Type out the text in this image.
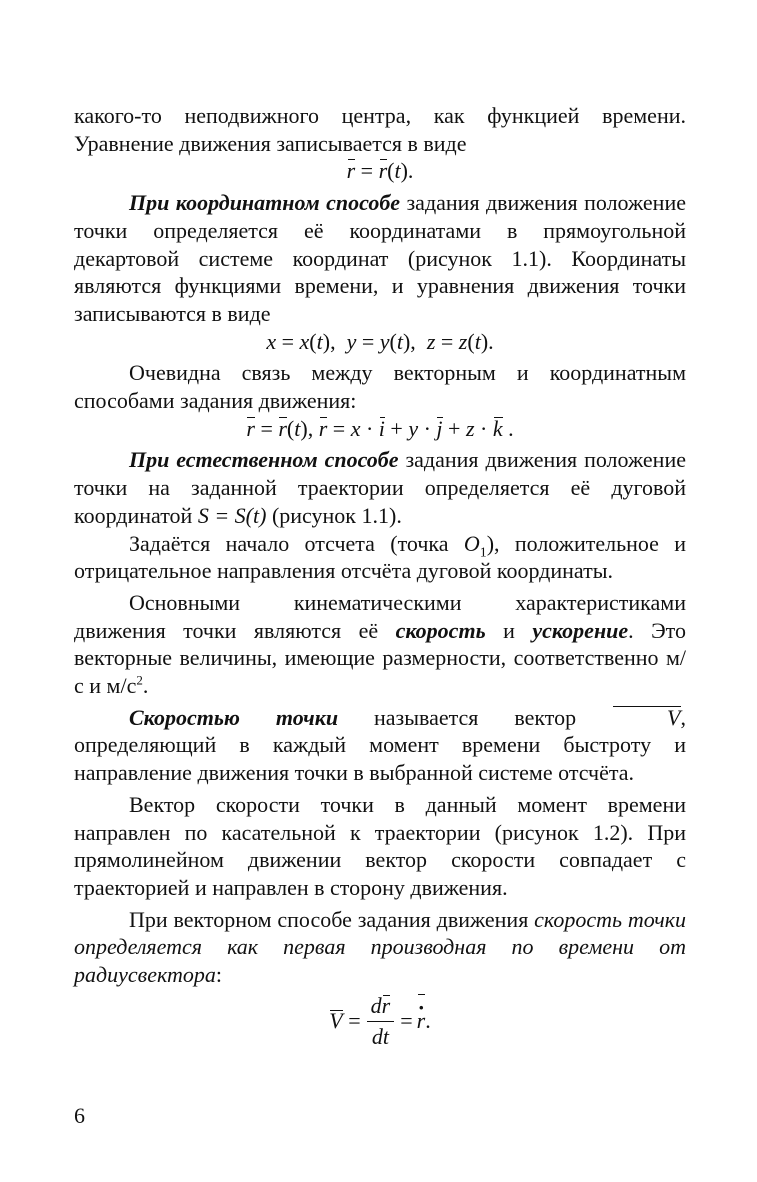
какого-то неподвижного центра, как функцией времени. Уравнение движения записывается в виде

r = r(t).

При координатном способе задания движения положение точки определяется её координатами в прямоугольной декартовой системе координат (рисунок 1.1). Координаты являются функциями времени, и уравнения движения точки записываются в виде

x = x(t),  y = y(t),  z = z(t).

Очевидна связь между векторным и координатным способами задания движения:

r = r(t), r = x · i + y · j + z · k .

При естественном способе задания движения положение точки на заданной траектории определяется её дуговой координатой S = S(t) (рисунок 1.1).

Задаётся начало отсчета (точка $O_1$), положительное и отрицательное направления отсчёта дуговой координаты.

Основными кинематическими характеристиками движения точки являются её скорость и ускорение. Это векторные величины, имеющие размерности, соответственно м/с и $м/с^2$.

Скоростью точки называется вектор	V, определяющий в каждый момент времени быстроту и направление движения точки в выбранной системе отсчёта.

Вектор скорости точки в данный момент времени направлен по касательной к траектории (рисунок 1.2). При прямолинейном движении вектор скорости совпадает с траекторией и направлен в сторону движения.

При векторном способе задания движения скорость точки определяется как первая производная по времени от радиусвектора:

$V = \frac{dr}{dt}$ =
· r .
6
